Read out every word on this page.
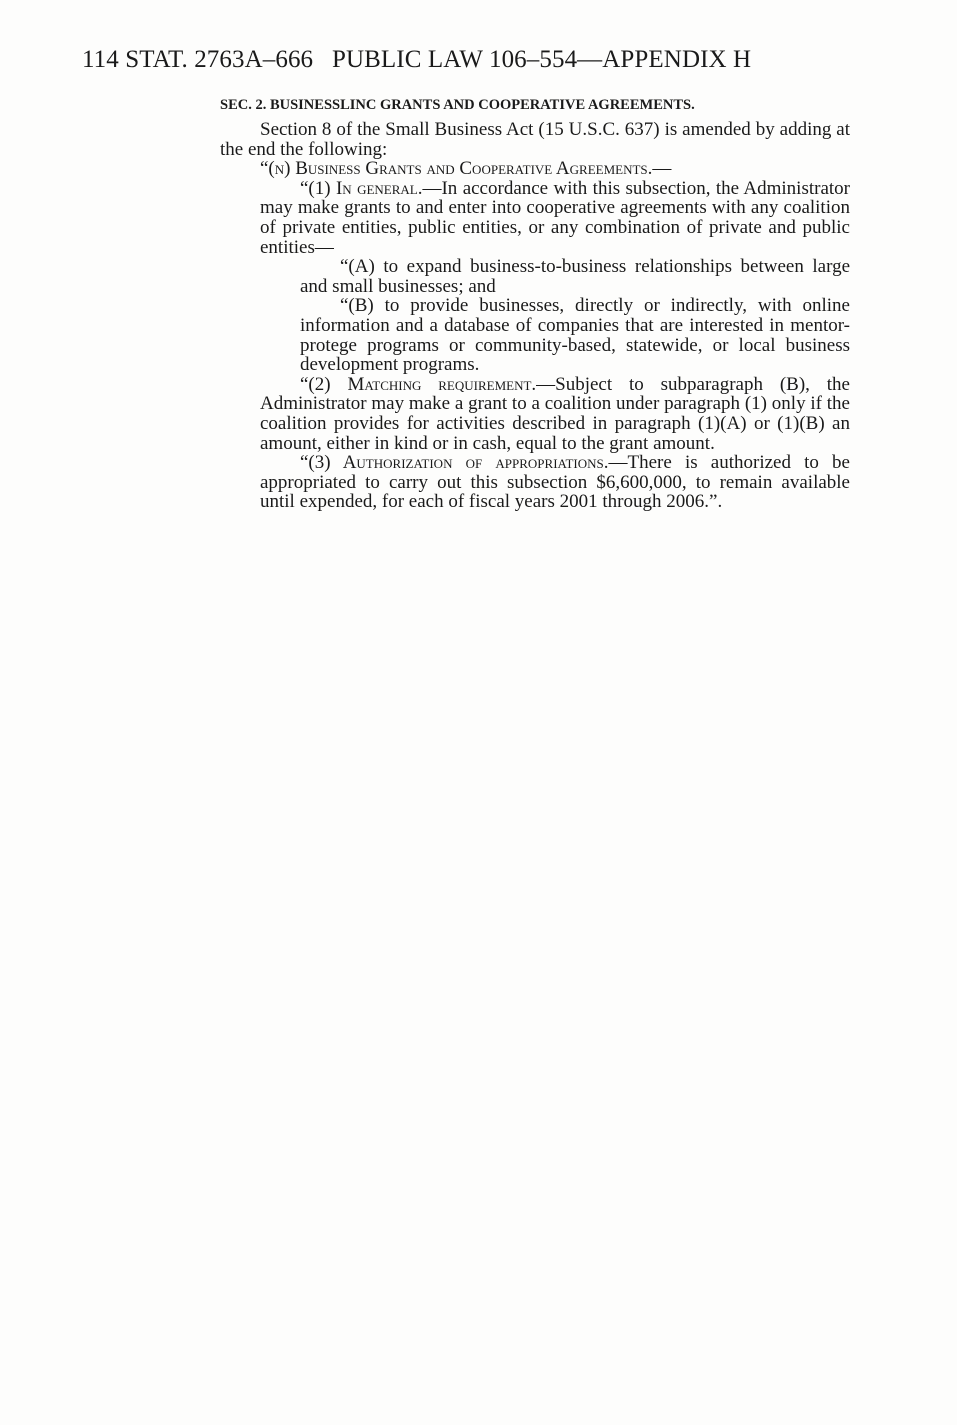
114 STAT. 2763A–666 PUBLIC LAW 106–554—APPENDIX H
SEC. 2. BUSINESSLINC GRANTS AND COOPERATIVE AGREEMENTS.

Section 8 of the Small Business Act (15 U.S.C. 637) is amended by adding at the end the following:

“(n) Business Grants and Cooperative Agreements.—

“(1) In general.—In accordance with this subsection, the Administrator may make grants to and enter into cooperative agreements with any coalition of private entities, public entities, or any combination of private and public entities—

“(A) to expand business-to-business relationships between large and small businesses; and

“(B) to provide businesses, directly or indirectly, with online information and a database of companies that are interested in mentor-protege programs or community-based, statewide, or local business development programs.

“(2) Matching requirement.—Subject to subparagraph (B), the Administrator may make a grant to a coalition under paragraph (1) only if the coalition provides for activities described in paragraph (1)(A) or (1)(B) an amount, either in kind or in cash, equal to the grant amount.

“(3) Authorization of appropriations.—There is authorized to be appropriated to carry out this subsection $6,600,000, to remain available until expended, for each of fiscal years 2001 through 2006.”.
